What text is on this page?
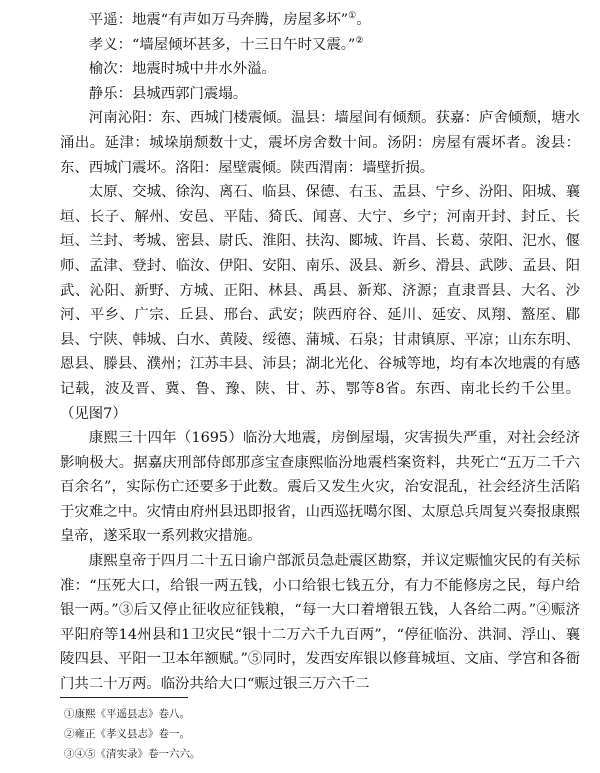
平遥：地震“有声如万马奔腾，房屋多坏”①。

孝义：“墙屋倾坏甚多，十三日午时又震。”②

榆次：地震时城中井水外溢。

静乐：县城西郭门震塌。

河南沁阳：东、西城门楼震倾。温县：墙屋间有倾颓。获嘉：庐舍倾颓，塘水涌出。延津：城垛崩颓数十丈，震坏房舍数十间。汤阴：房屋有震坏者。浚县：东、西城门震坏。洛阳：屋壁震倾。陕西渭南：墙壁折损。

太原、交城、徐沟、离石、临县、保德、右玉、盂县、宁乡、汾阳、阳城、襄垣、长子、解州、安邑、平陆、猗氏、闻喜、大宁、乡宁；河南开封、封丘、长垣、兰封、考城、密县、尉氏、淮阳、扶沟、郾城、许昌、长葛、荥阳、汜水、偃师、孟津、登封、临汝、伊阳、安阳、南乐、汲县、新乡、滑县、武陟、孟县、阳武、沁阳、新野、方城、正阳、林县、禹县、新郑、济源；直隶晋县、大名、沙河、平乡、广宗、丘县、邢台、武安；陕西府谷、延川、延安、凤翔、盩厔、郿县、宁陕、韩城、白水、黄陵、绥德、蒲城、石泉；甘肃镇原、平凉；山东东明、恩县、滕县、濮州；江苏丰县、沛县；湖北光化、谷城等地，均有本次地震的有感记载，波及晋、冀、鲁、豫、陕、甘、苏、鄂等8省。东西、南北长约千公里。（见图7）

康熙三十四年（1695）临汾大地震，房倒屋塌，灾害损失严重，对社会经济影响极大。据嘉庆刑部侍郎那彦宝查康熙临汾地震档案资料，共死亡“五万二千六百余名”，实际伤亡还要多于此数。震后又发生火灾，治安混乱，社会经济生活陷于灾难之中。灾情由府州县迅即报省，山西巡抚噶尔图、太原总兵周复兴奏报康熙皇帝，遂采取一系列救灾措施。

康熙皇帝于四月二十五日谕户部派员急赴震区勘察，并议定赈恤灾民的有关标准：“压死大口，给银一两五钱，小口给银七钱五分，有力不能修房之民，每户给银一两。”③后又停止征收应征钱粮，“每一大口着增银五钱，人各给二两。”④赈济平阳府等14州县和1卫灾民“银十二万六千九百两”，“停征临汾、洪洞、浮山、襄陵四县、平阳一卫本年额赋。”⑤同时，发西安库银以修葺城垣、文庙、学宫和各衙门共二十万两。临汾共给大口“赈过银三万六千二

①康熙《平遥县志》卷八。

②雍正《孝义县志》卷一。

③④⑤《清实录》卷一六六。
